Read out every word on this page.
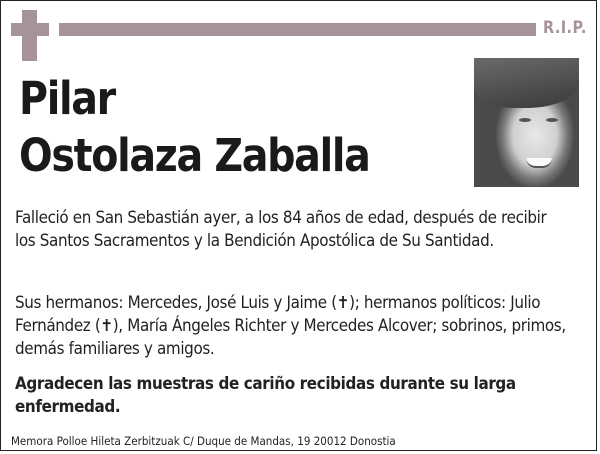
R.I.P.
Pilar
Ostolaza Zaballa
Falleció en San Sebastián ayer, a los 84 años de edad, después de recibir los Santos Sacramentos y la Bendición Apostólica de Su Santidad.
Sus hermanos: Mercedes, José Luis y Jaime (✝); hermanos políticos: Julio Fernández (✝), María Ángeles Richter y Mercedes Alcover; sobrinos, primos, demás familiares y amigos.
Agradecen las muestras de cariño recibidas durante su larga enfermedad.
Memora Polloe Hileta Zerbitzuak C/ Duque de Mandas, 19 20012 Donostia
